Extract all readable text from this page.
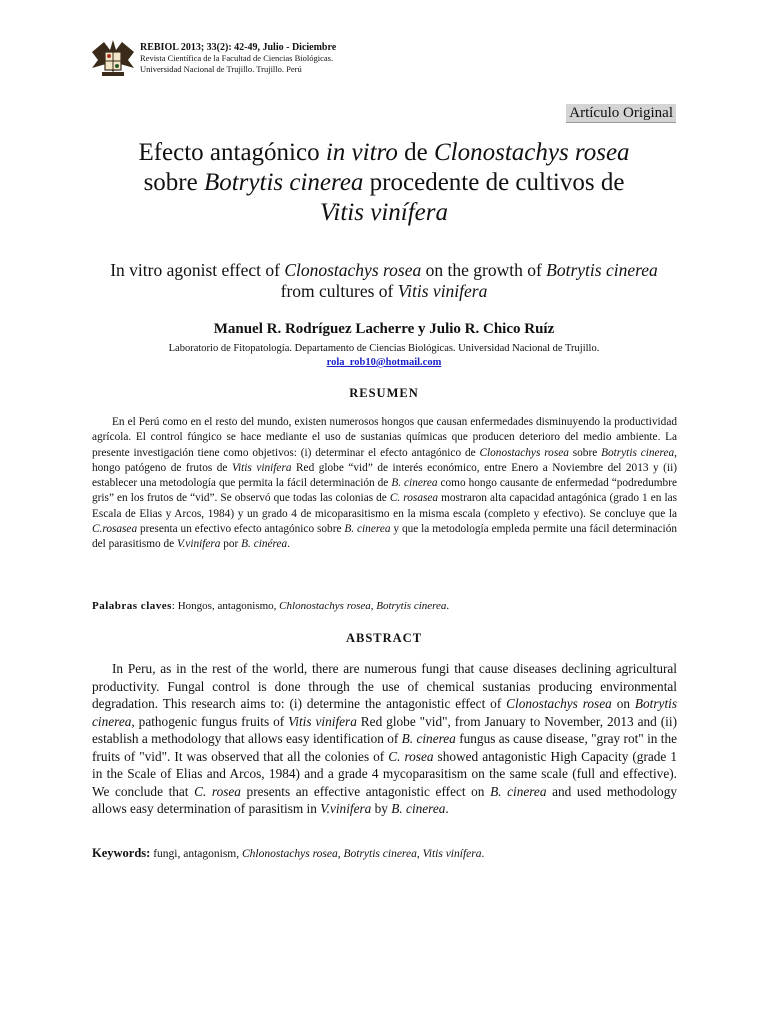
REBIOL 2013; 33(2): 42-49, Julio - Diciembre
Revista Científica de la Facultad de Ciencias Biológicas.
Universidad Nacional de Trujillo. Trujillo. Perú
Artículo Original
Efecto antagónico in vitro de Clonostachys rosea
sobre Botrytis cinerea procedente de cultivos de
Vitis vinífera
In vitro agonist effect of Clonostachys rosea on the growth of Botrytis cinerea
from cultures of Vitis vinifera
Manuel R. Rodríguez Lacherre y Julio R. Chico Ruíz
Laboratorio de Fitopatología. Departamento de Ciencias Biológicas. Universidad Nacional de Trujillo.
rola_rob10@hotmail.com
RESUMEN
En el Perú como en el resto del mundo, existen numerosos hongos que causan enfermedades disminuyendo la productividad agrícola. El control fúngico se hace mediante el uso de sustanias químicas que producen deterioro del medio ambiente. La presente investigación tiene como objetivos: (i) determinar el efecto antagónico de Clonostachys rosea sobre Botrytis cinerea, hongo patógeno de frutos de Vitis vinifera Red globe “vid” de interés económico, entre Enero a Noviembre del 2013 y (ii) establecer una metodología que permita la fácil determinación de B. cinerea como hongo causante de enfermedad “podredumbre gris” en los frutos de “vid”. Se observó que todas las colonias de C. rosasea mostraron alta capacidad antagónica (grado 1 en las Escala de Elias y Arcos, 1984) y un grado 4 de micoparasitismo en la misma escala (completo y efectivo). Se concluye que la C.rosasea presenta un efectivo efecto antagónico sobre B. cinerea y que la metodología empleda permite una fácil determinación del parasitismo de V.vinifera por B. cinérea.
Palabras claves: Hongos, antagonismo, Chlonostachys rosea, Botrytis cinerea.
ABSTRACT
In Peru, as in the rest of the world, there are numerous fungi that cause diseases declining agricultural productivity. Fungal control is done through the use of chemical sustanias producing environmental degradation. This research aims to: (i) determine the antagonistic effect of Clonostachys rosea on Botrytis cinerea, pathogenic fungus fruits of Vitis vinifera Red globe "vid", from January to November, 2013 and (ii) establish a methodology that allows easy identification of B. cinerea fungus as cause disease, "gray rot" in the fruits of "vid". It was observed that all the colonies of C. rosea showed antagonistic High Capacity (grade 1 in the Scale of Elias and Arcos, 1984) and a grade 4 mycoparasitism on the same scale (full and effective). We conclude that C. rosea presents an effective antagonistic effect on B. cinerea and used methodology allows easy determination of parasitism in V.vinifera by B. cinerea.
Keywords: fungi, antagonism, Chlonostachys rosea, Botrytis cinerea, Vitis vinífera.
